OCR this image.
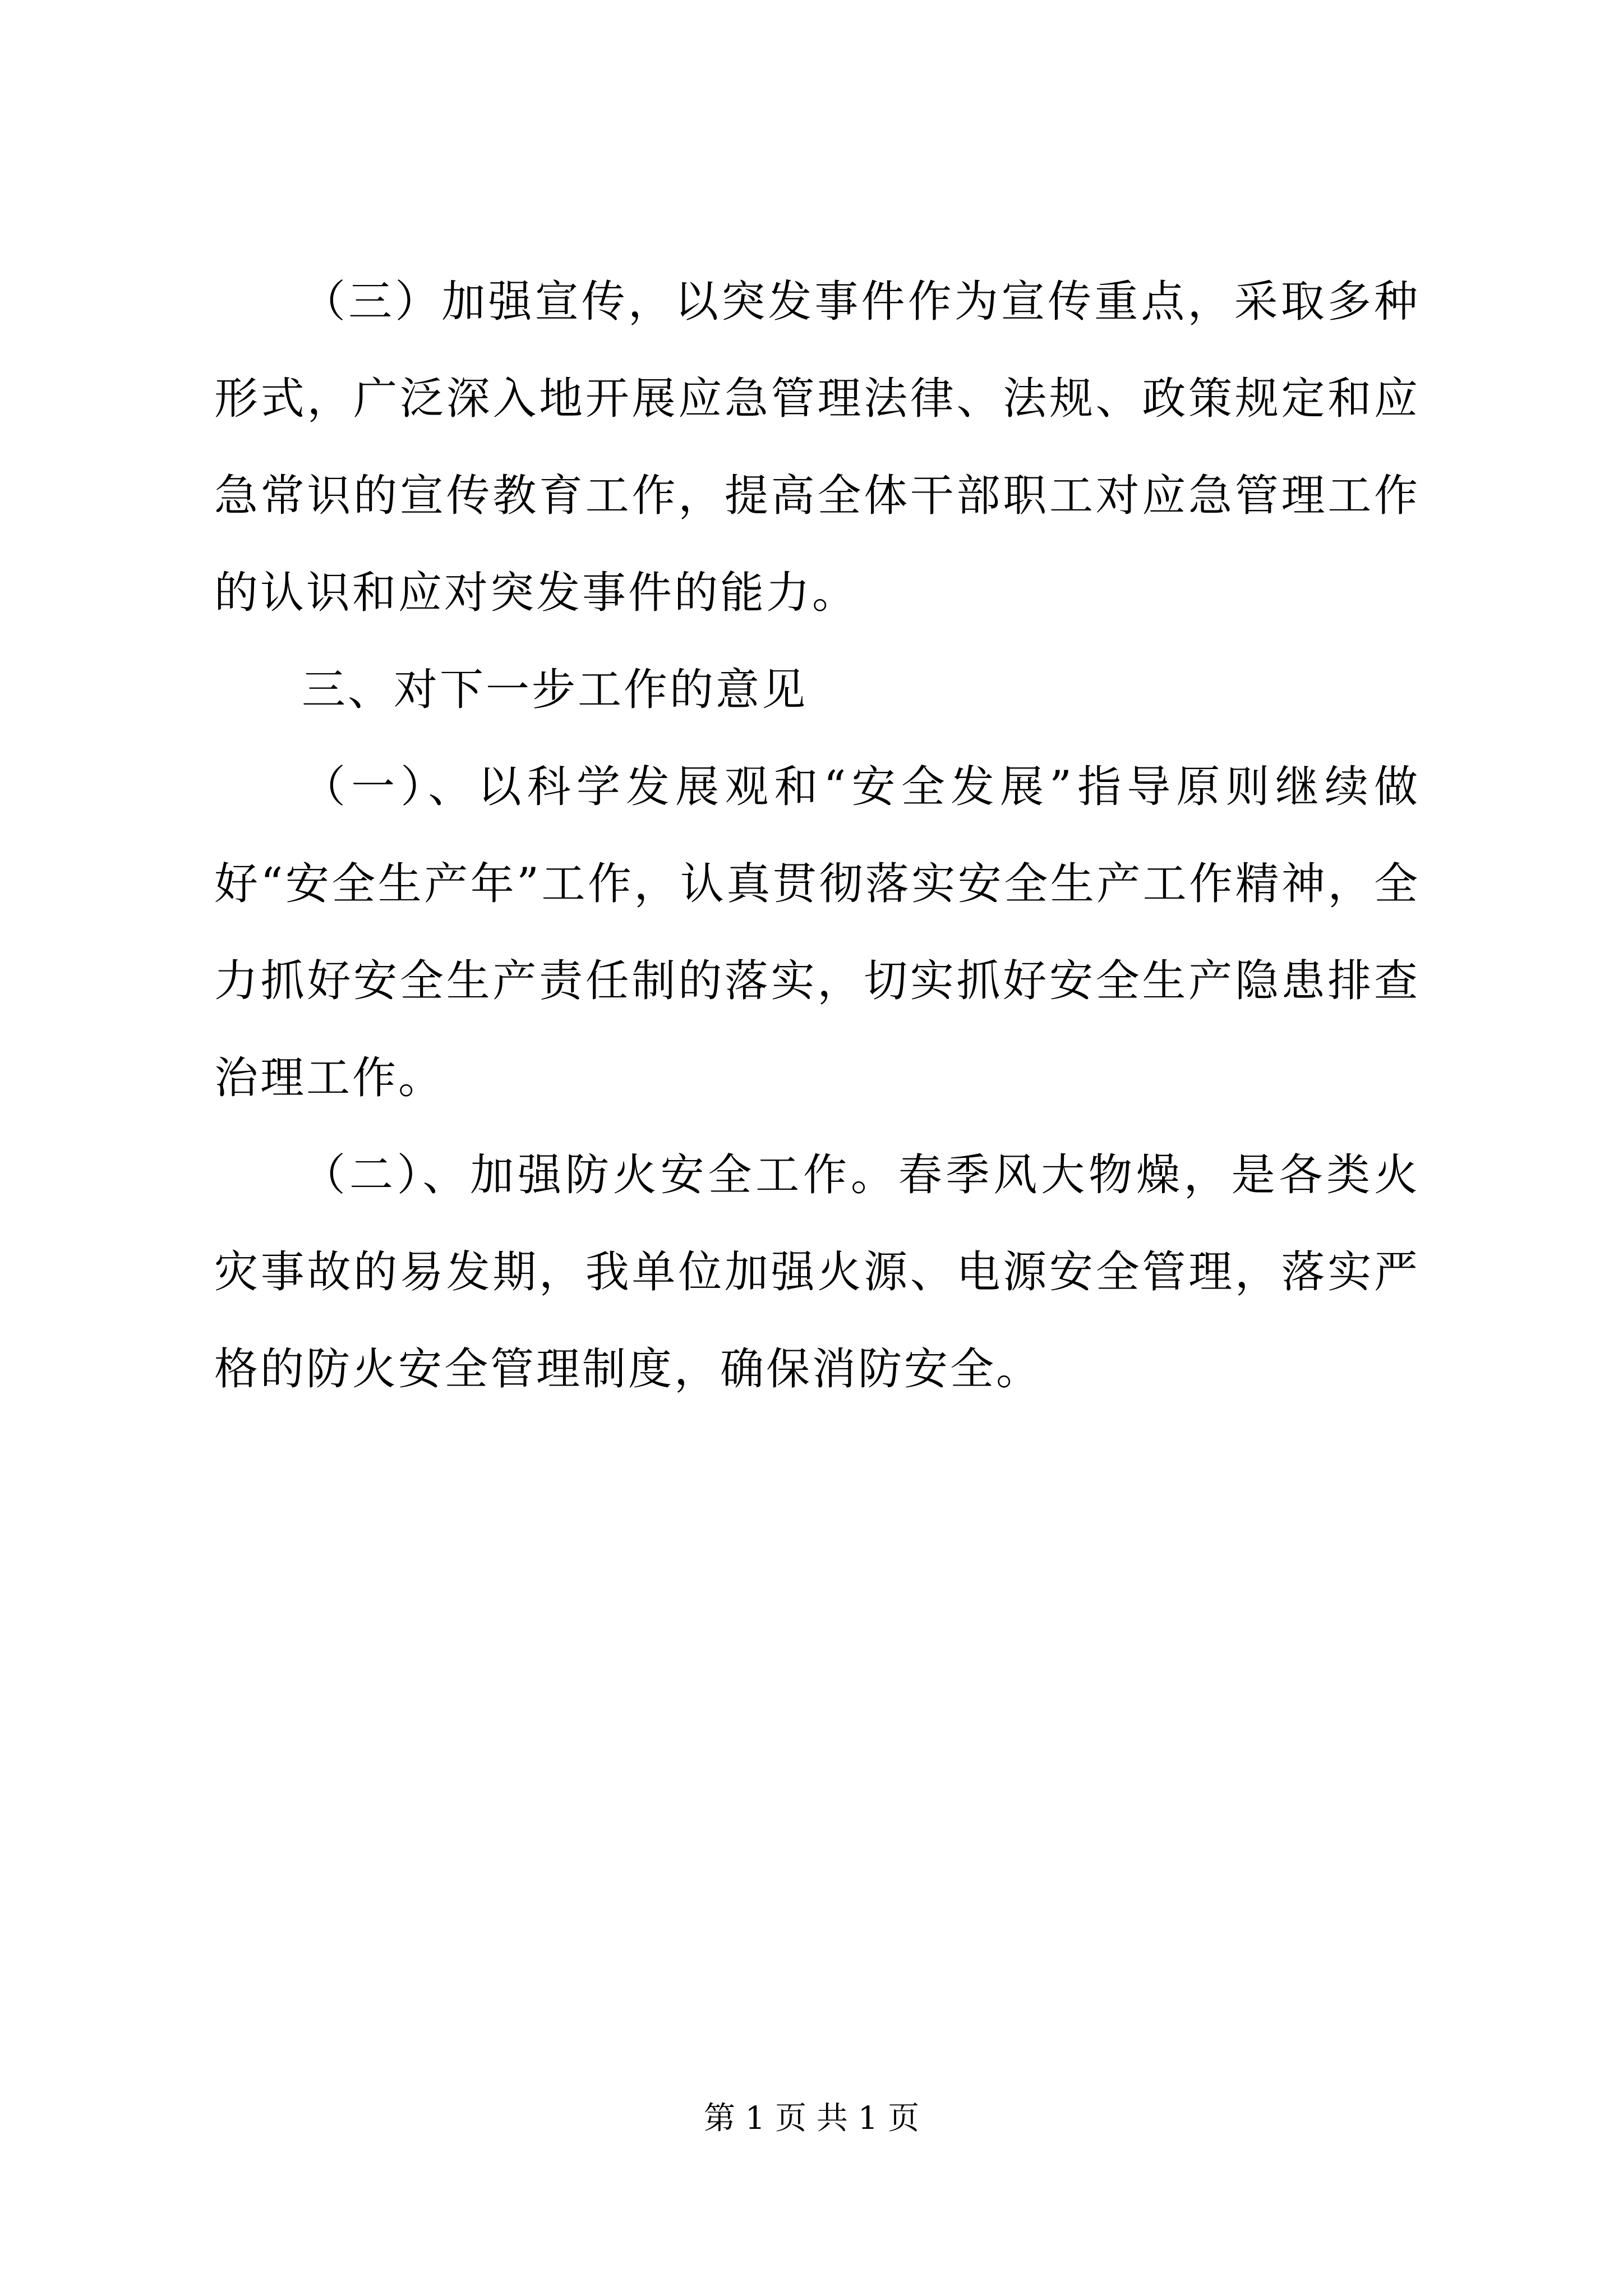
（三）加强宣传，以突发事件作为宣传重点，采取多种形式，广泛深入地开展应急管理法律、法规、政策规定和应急常识的宣传教育工作，提高全体干部职工对应急管理工作的认识和应对突发事件的能力。

三、对下一步工作的意见

（一）、以科学发展观和“安全发展”指导原则继续做好“安全生产年”工作，认真贯彻落实安全生产工作精神，全力抓好安全生产责任制的落实，切实抓好安全生产隐患排查治理工作。

（二）、加强防火安全工作。春季风大物燥，是各类火灾事故的易发期，我单位加强火源、电源安全管理，落实严格的防火安全管理制度，确保消防安全。

第 1 页 共 1 页
